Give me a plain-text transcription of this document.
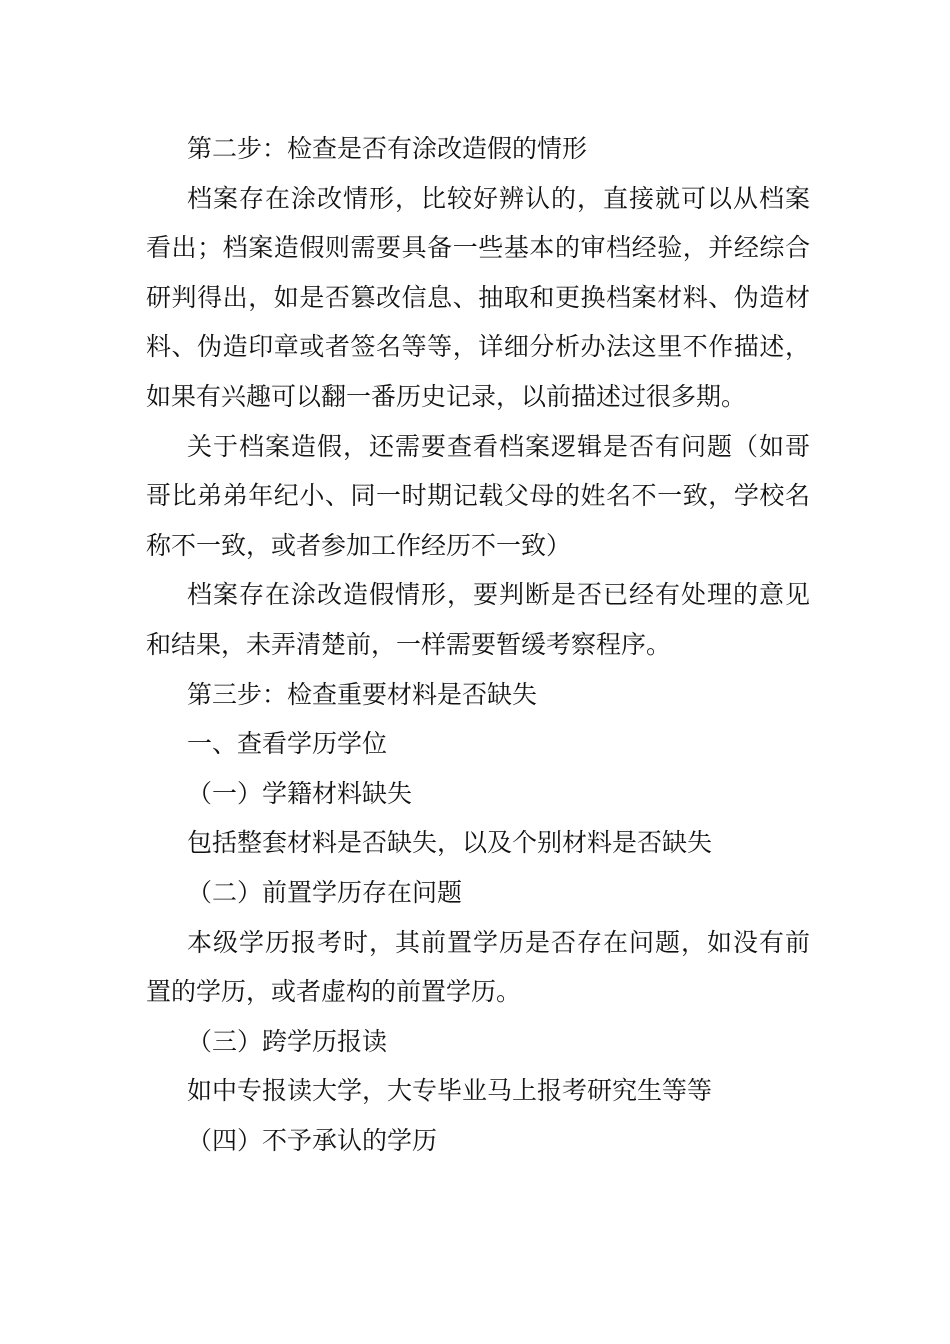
第二步：检查是否有涂改造假的情形

档案存在涂改情形，比较好辨认的，直接就可以从档案看出；档案造假则需要具备一些基本的审档经验，并经综合研判得出，如是否篡改信息、抽取和更换档案材料、伪造材料、伪造印章或者签名等等，详细分析办法这里不作描述，如果有兴趣可以翻一番历史记录，以前描述过很多期。

关于档案造假，还需要查看档案逻辑是否有问题（如哥哥比弟弟年纪小、同一时期记载父母的姓名不一致，学校名称不一致，或者参加工作经历不一致）

档案存在涂改造假情形，要判断是否已经有处理的意见和结果，未弄清楚前，一样需要暂缓考察程序。

第三步：检查重要材料是否缺失

一、查看学历学位

（一）学籍材料缺失

包括整套材料是否缺失，以及个别材料是否缺失

（二）前置学历存在问题

本级学历报考时，其前置学历是否存在问题，如没有前置的学历，或者虚构的前置学历。

（三）跨学历报读

如中专报读大学，大专毕业马上报考研究生等等

（四）不予承认的学历
